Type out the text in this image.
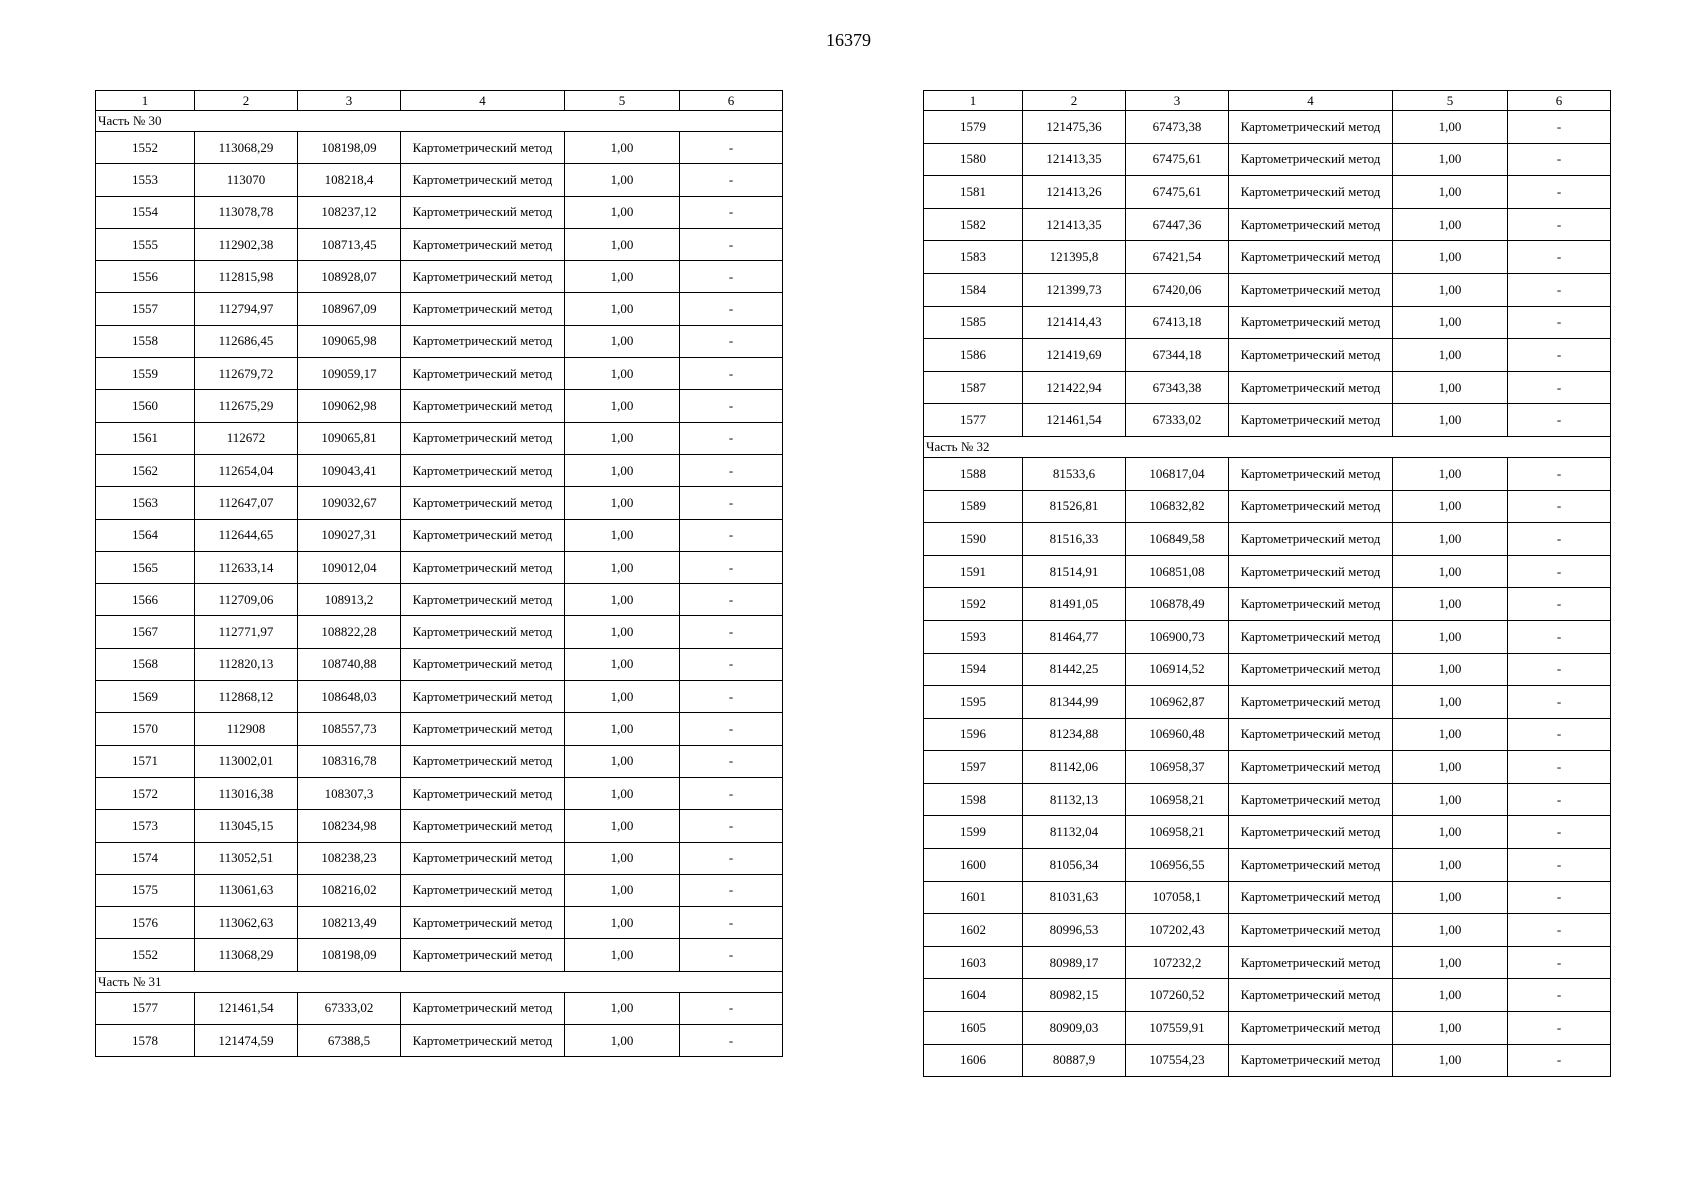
16379
1	2	3	4	5	6
Часть № 30					
1552	113068,29	108198,09	Картометрический метод	1,00	-
1553	113070	108218,4	Картометрический метод	1,00	-
1554	113078,78	108237,12	Картометрический метод	1,00	-
1555	112902,38	108713,45	Картометрический метод	1,00	-
1556	112815,98	108928,07	Картометрический метод	1,00	-
1557	112794,97	108967,09	Картометрический метод	1,00	-
1558	112686,45	109065,98	Картометрический метод	1,00	-
1559	112679,72	109059,17	Картометрический метод	1,00	-
1560	112675,29	109062,98	Картометрический метод	1,00	-
1561	112672	109065,81	Картометрический метод	1,00	-
1562	112654,04	109043,41	Картометрический метод	1,00	-
1563	112647,07	109032,67	Картометрический метод	1,00	-
1564	112644,65	109027,31	Картометрический метод	1,00	-
1565	112633,14	109012,04	Картометрический метод	1,00	-
1566	112709,06	108913,2	Картометрический метод	1,00	-
1567	112771,97	108822,28	Картометрический метод	1,00	-
1568	112820,13	108740,88	Картометрический метод	1,00	-
1569	112868,12	108648,03	Картометрический метод	1,00	-
1570	112908	108557,73	Картометрический метод	1,00	-
1571	113002,01	108316,78	Картометрический метод	1,00	-
1572	113016,38	108307,3	Картометрический метод	1,00	-
1573	113045,15	108234,98	Картометрический метод	1,00	-
1574	113052,51	108238,23	Картометрический метод	1,00	-
1575	113061,63	108216,02	Картометрический метод	1,00	-
1576	113062,63	108213,49	Картометрический метод	1,00	-
1552	113068,29	108198,09	Картометрический метод	1,00	-
Часть № 31					
1577	121461,54	67333,02	Картометрический метод	1,00	-
1578	121474,59	67388,5	Картометрический метод	1,00	-
1	2	3	4	5	6
1579	121475,36	67473,38	Картометрический метод	1,00	-
1580	121413,35	67475,61	Картометрический метод	1,00	-
1581	121413,26	67475,61	Картометрический метод	1,00	-
1582	121413,35	67447,36	Картометрический метод	1,00	-
1583	121395,8	67421,54	Картометрический метод	1,00	-
1584	121399,73	67420,06	Картометрический метод	1,00	-
1585	121414,43	67413,18	Картометрический метод	1,00	-
1586	121419,69	67344,18	Картометрический метод	1,00	-
1587	121422,94	67343,38	Картометрический метод	1,00	-
1577	121461,54	67333,02	Картометрический метод	1,00	-
Часть № 32					
1588	81533,6	106817,04	Картометрический метод	1,00	-
1589	81526,81	106832,82	Картометрический метод	1,00	-
1590	81516,33	106849,58	Картометрический метод	1,00	-
1591	81514,91	106851,08	Картометрический метод	1,00	-
1592	81491,05	106878,49	Картометрический метод	1,00	-
1593	81464,77	106900,73	Картометрический метод	1,00	-
1594	81442,25	106914,52	Картометрический метод	1,00	-
1595	81344,99	106962,87	Картометрический метод	1,00	-
1596	81234,88	106960,48	Картометрический метод	1,00	-
1597	81142,06	106958,37	Картометрический метод	1,00	-
1598	81132,13	106958,21	Картометрический метод	1,00	-
1599	81132,04	106958,21	Картометрический метод	1,00	-
1600	81056,34	106956,55	Картометрический метод	1,00	-
1601	81031,63	107058,1	Картометрический метод	1,00	-
1602	80996,53	107202,43	Картометрический метод	1,00	-
1603	80989,17	107232,2	Картометрический метод	1,00	-
1604	80982,15	107260,52	Картометрический метод	1,00	-
1605	80909,03	107559,91	Картометрический метод	1,00	-
1606	80887,9	107554,23	Картометрический метод	1,00	-
